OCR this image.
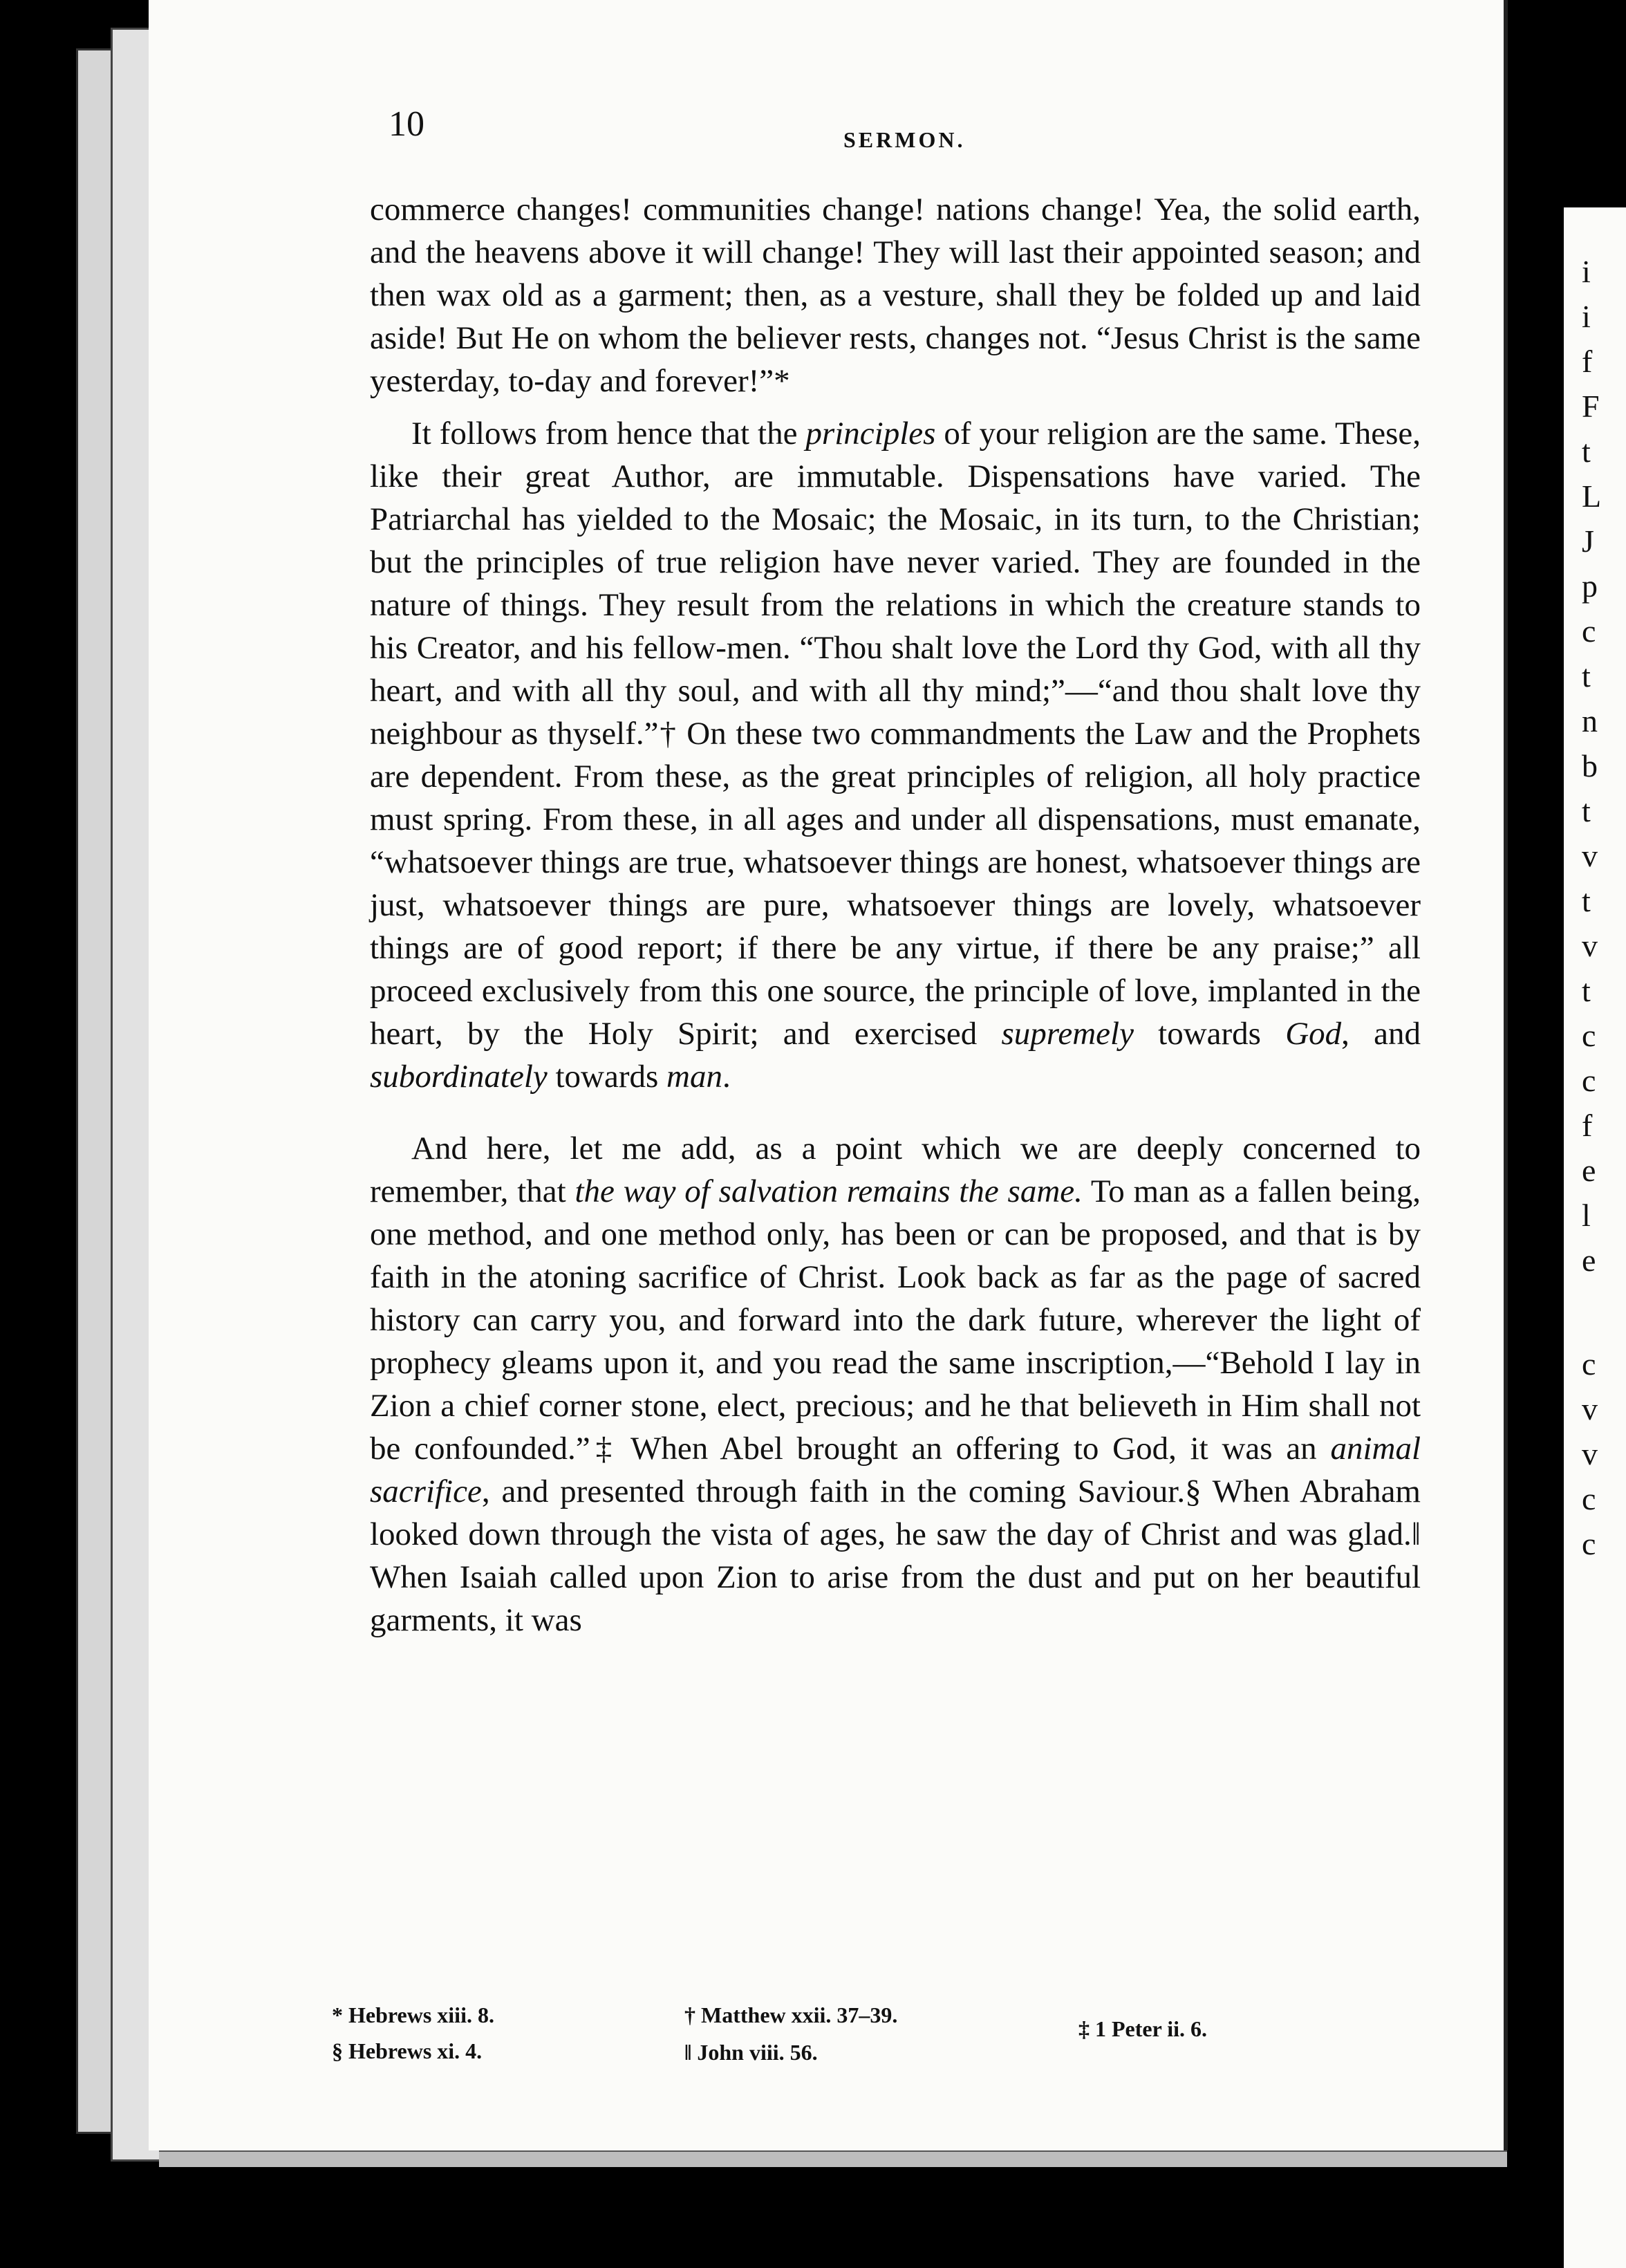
i
i
f
F
t
L
J
p
c
t
n
b
t
v
t
v
t
c
c
f
e
l
e
c
v
v
c
c
10	SERMON.

commerce changes! communities change! nations change! Yea, the solid earth, and the heavens above it will change! They will last their appointed season; and then wax old as a garment; then, as a vesture, shall they be folded up and laid aside! But He on whom the believer rests, changes not. “Jesus Christ is the same yesterday, to-day and forever!”*

It follows from hence that the principles of your religion are the same. These, like their great Author, are immutable. Dispensations have varied. The Patriarchal has yielded to the Mosaic; the Mosaic, in its turn, to the Christian; but the principles of true religion have never varied. They are founded in the nature of things. They result from the relations in which the creature stands to his Creator, and his fellow-men. “Thou shalt love the Lord thy God, with all thy heart, and with all thy soul, and with all thy mind;”—“and thou shalt love thy neighbour as thyself.”† On these two commandments the Law and the Prophets are dependent. From these, as the great principles of religion, all holy practice must spring. From these, in all ages and under all dispensations, must emanate, “whatsoever things are true, whatsoever things are honest, whatsoever things are just, whatsoever things are pure, whatsoever things are lovely, whatsoever things are of good report; if there be any virtue, if there be any praise;” all proceed exclusively from this one source, the principle of love, implanted in the heart, by the Holy Spirit; and exercised supremely towards God, and subordinately towards man.

And here, let me add, as a point which we are deeply concerned to remember, that the way of salvation remains the same. To man as a fallen being, one method, and one method only, has been or can be proposed, and that is by faith in the atoning sacrifice of Christ. Look back as far as the page of sacred history can carry you, and forward into the dark future, wherever the light of prophecy gleams upon it, and you read the same inscription,—“Behold I lay in Zion a chief corner stone, elect, precious; and he that believeth in Him shall not be confounded.”‡ When Abel brought an offering to God, it was an animal sacrifice, and presented through faith in the coming Saviour.§ When Abraham looked down through the vista of ages, he saw the day of Christ and was glad.‖ When Isaiah called upon Zion to arise from the dust and put on her beautiful garments, it was

* Hebrews xiii. 8.	† Matthew xxii. 37–39.
‡ 1 Peter ii. 6.
§ Hebrews xi. 4.	‖ John viii. 56.
